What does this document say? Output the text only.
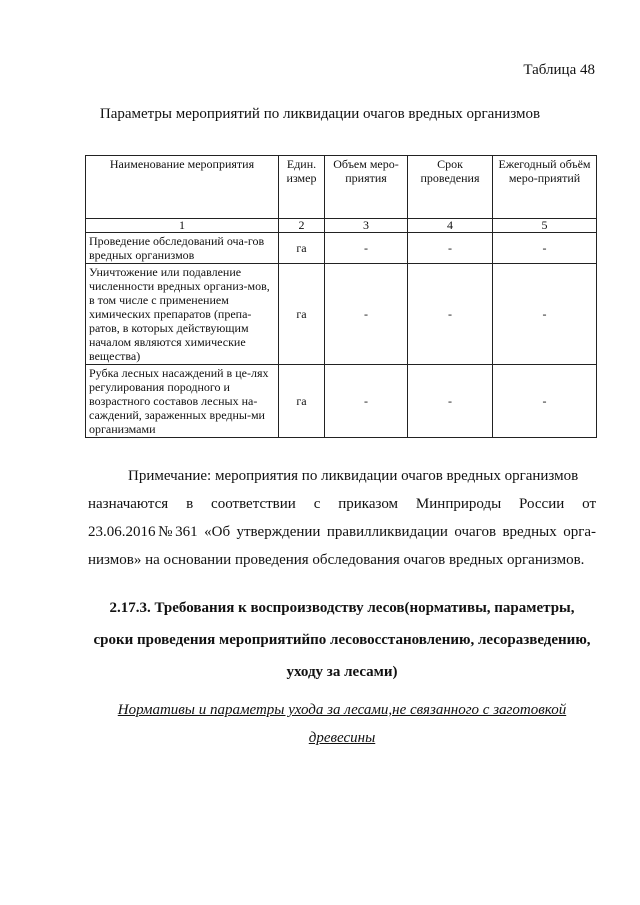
Таблица 48
Параметры мероприятий по ликвидации очагов вредных организмов
Наименование мероприятия	Един. измер	Объем меро-приятия	Срок проведения	Ежегодный объём меро-приятий
1	2	3	4	5
Проведение обследований оча-гов вредных организмов	га	-	-	-
Уничтожение или подавление численности вредных организ-мов, в том числе с применением химических препаратов (препа-ратов, в которых действующим началом являются химические вещества)	га	-	-	-
Рубка лесных насаждений в це-лях регулирования породного и возрастного составов лесных на-саждений, зараженных вредны-ми организмами	га	-	-	-

Примечание: мероприятия по ликвидации очагов вредных организмов

назначаются в соответствии с приказом Минприроды России от 23.06.2016№361 «Об утверждении правилликвидации очагов вредных орга-низмов» на основании проведения обследования очагов вредных организмов.

2.17.3. Требования к воспроизводству лесов(нормативы, параметры, сроки проведения мероприятийпо лесовосстановлению, лесоразведению, уходу за лесами)
Нормативы и параметры ухода за лесами,не связанного с заготовкой древесины
